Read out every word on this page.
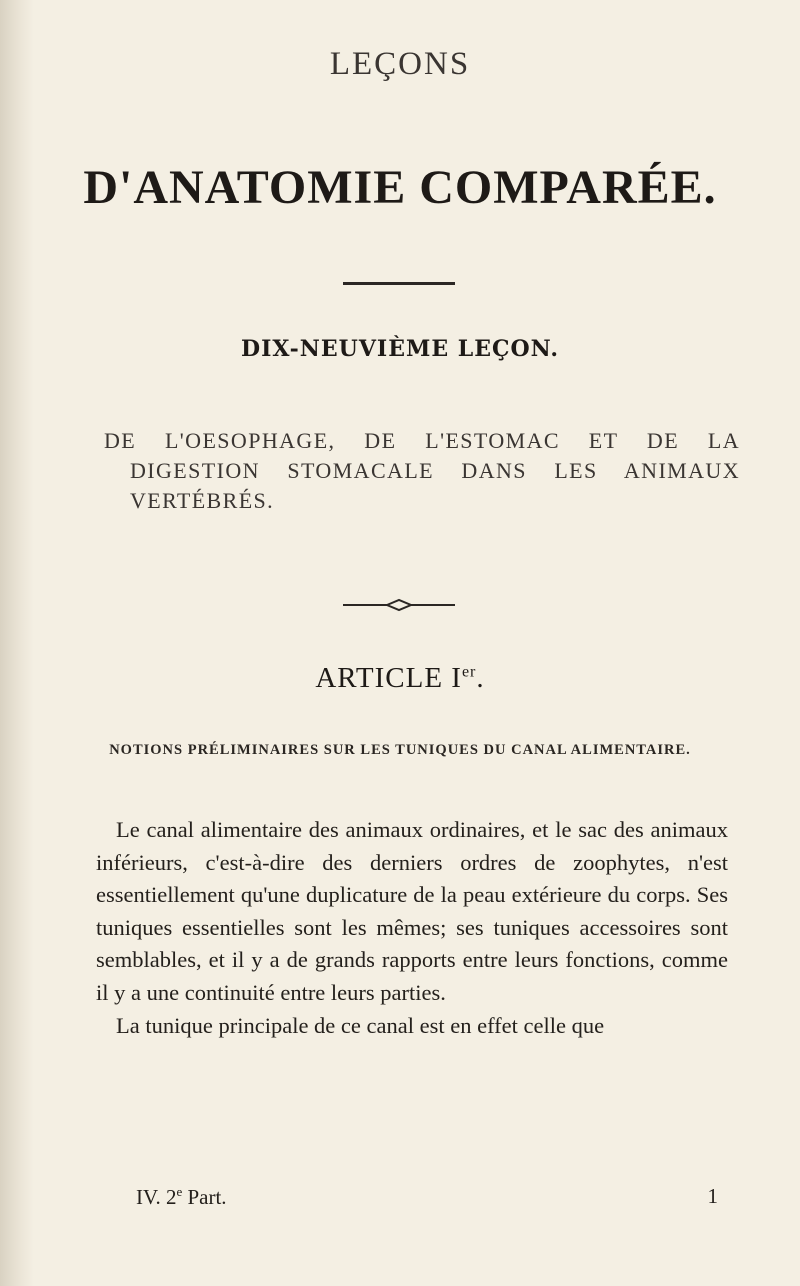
LEÇONS
D'ANATOMIE COMPARÉE.
DIX-NEUVIÈME LEÇON.
DE L'OESOPHAGE, DE L'ESTOMAC ET DE LA DIGESTION STOMACALE DANS LES ANIMAUX VERTÉBRÉS.
ARTICLE Ier.
NOTIONS PRÉLIMINAIRES SUR LES TUNIQUES DU CANAL ALIMENTAIRE.

Le canal alimentaire des animaux ordinaires, et le sac des animaux inférieurs, c'est-à-dire des derniers ordres de zoophytes, n'est essentiellement qu'une duplicature de la peau extérieure du corps. Ses tuniques essentielles sont les mêmes; ses tuniques accessoires sont semblables, et il y a de grands rapports entre leurs fonctions, comme il y a une continuité entre leurs parties.

La tunique principale de ce canal est en effet celle que

IV. 2e Part.	1
